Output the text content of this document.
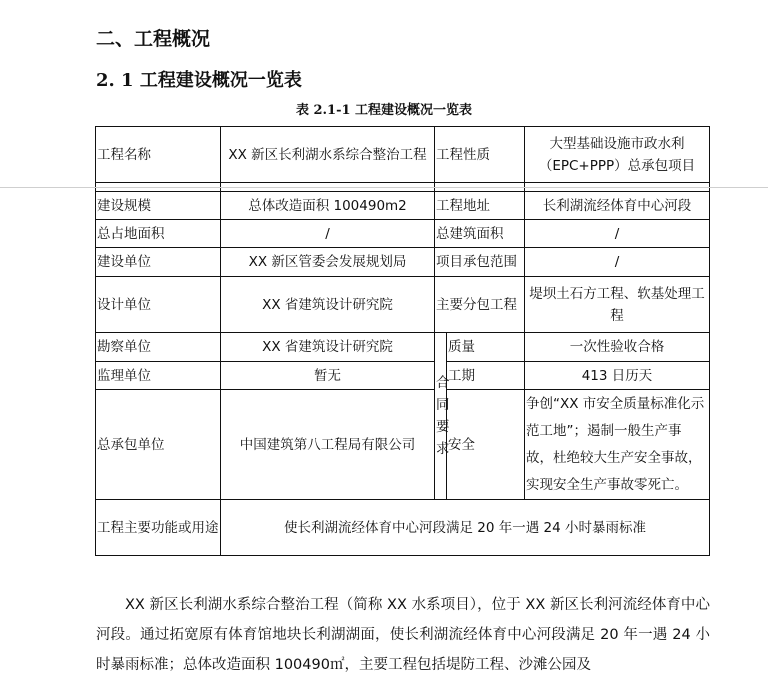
二、工程概况
2. 1 工程建设概况一览表
表 2.1-1 工程建设概况一览表
工程名称	XX 新区长利湖水系综合整治工程	工程性质		大型基础设施市政水利（EPC+PPP）总承包项目

建设规模	总体改造面积 100490m2	工程地址		长利湖流经体育中心河段
总占地面积	/	总建筑面积		/
建设单位	XX 新区管委会发展规划局	项目承包范围		/
设计单位	XX 省建筑设计研究院	主要分包工程		堤坝土石方工程、软基处理工程
勘察单位	XX 省建筑设计研究院	合同要求	质量	一次性验收合格
监理单位	暂无		工期	413 日历天
总承包单位	中国建筑第八工程局有限公司		安全	争创“XX 市安全质量标准化示范工地”；遏制一般生产事故，杜绝较大生产安全事故，实现安全生产事故零死亡。
工程主要功能或用途	使长利湖流经体育中心河段满足 20 年一遇 24 小时暴雨标准			

XX 新区长利湖水系综合整治工程（简称 XX 水系项目），位于 XX 新区长利河流经体育中心河段。通过拓宽原有体育馆地块长利湖湖面，使长利湖流经体育中心河段满足 20 年一遇 24 小时暴雨标准；总体改造面积 100490㎡，主要工程包括堤防工程、沙滩公园及
